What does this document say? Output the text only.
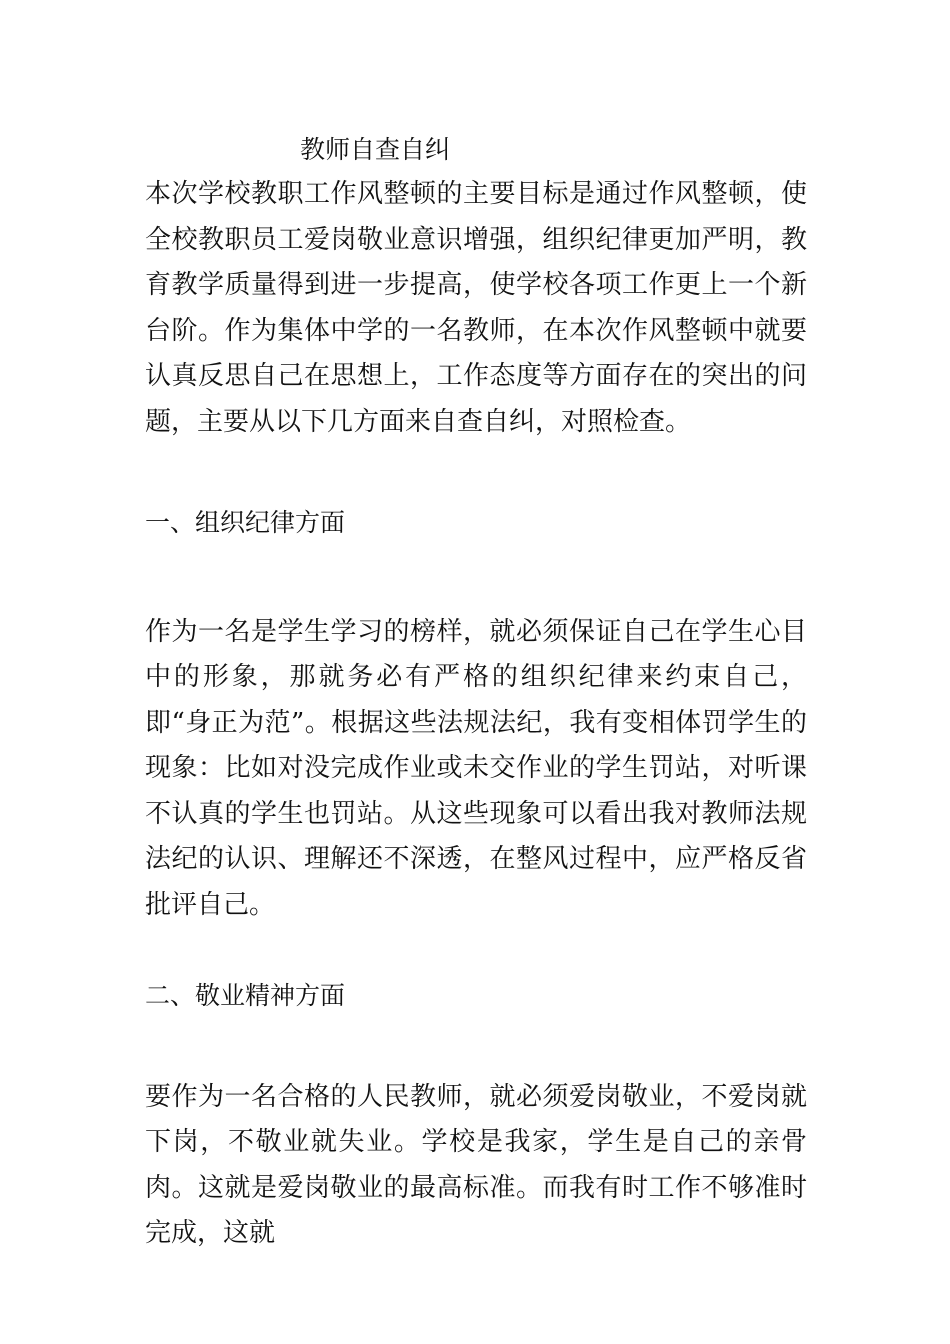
教师自查自纠

本次学校教职工作风整顿的主要目标是通过作风整顿，使全校教职员工爱岗敬业意识增强，组织纪律更加严明，教育教学质量得到进一步提高，使学校各项工作更上一个新台阶。作为集体中学的一名教师，在本次作风整顿中就要认真反思自己在思想上，工作态度等方面存在的突出的问题，主要从以下几方面来自查自纠，对照检查。

一、组织纪律方面

作为一名是学生学习的榜样，就必须保证自己在学生心目中的形象，那就务必有严格的组织纪律来约束自己，即“身正为范”。根据这些法规法纪，我有变相体罚学生的现象：比如对没完成作业或未交作业的学生罚站，对听课不认真的学生也罚站。从这些现象可以看出我对教师法规法纪的认识、理解还不深透，在整风过程中，应严格反省批评自己。

二、敬业精神方面

要作为一名合格的人民教师，就必须爱岗敬业，不爱岗就下岗，不敬业就失业。学校是我家，学生是自己的亲骨肉。这就是爱岗敬业的最高标准。而我有时工作不够准时完成，这就
